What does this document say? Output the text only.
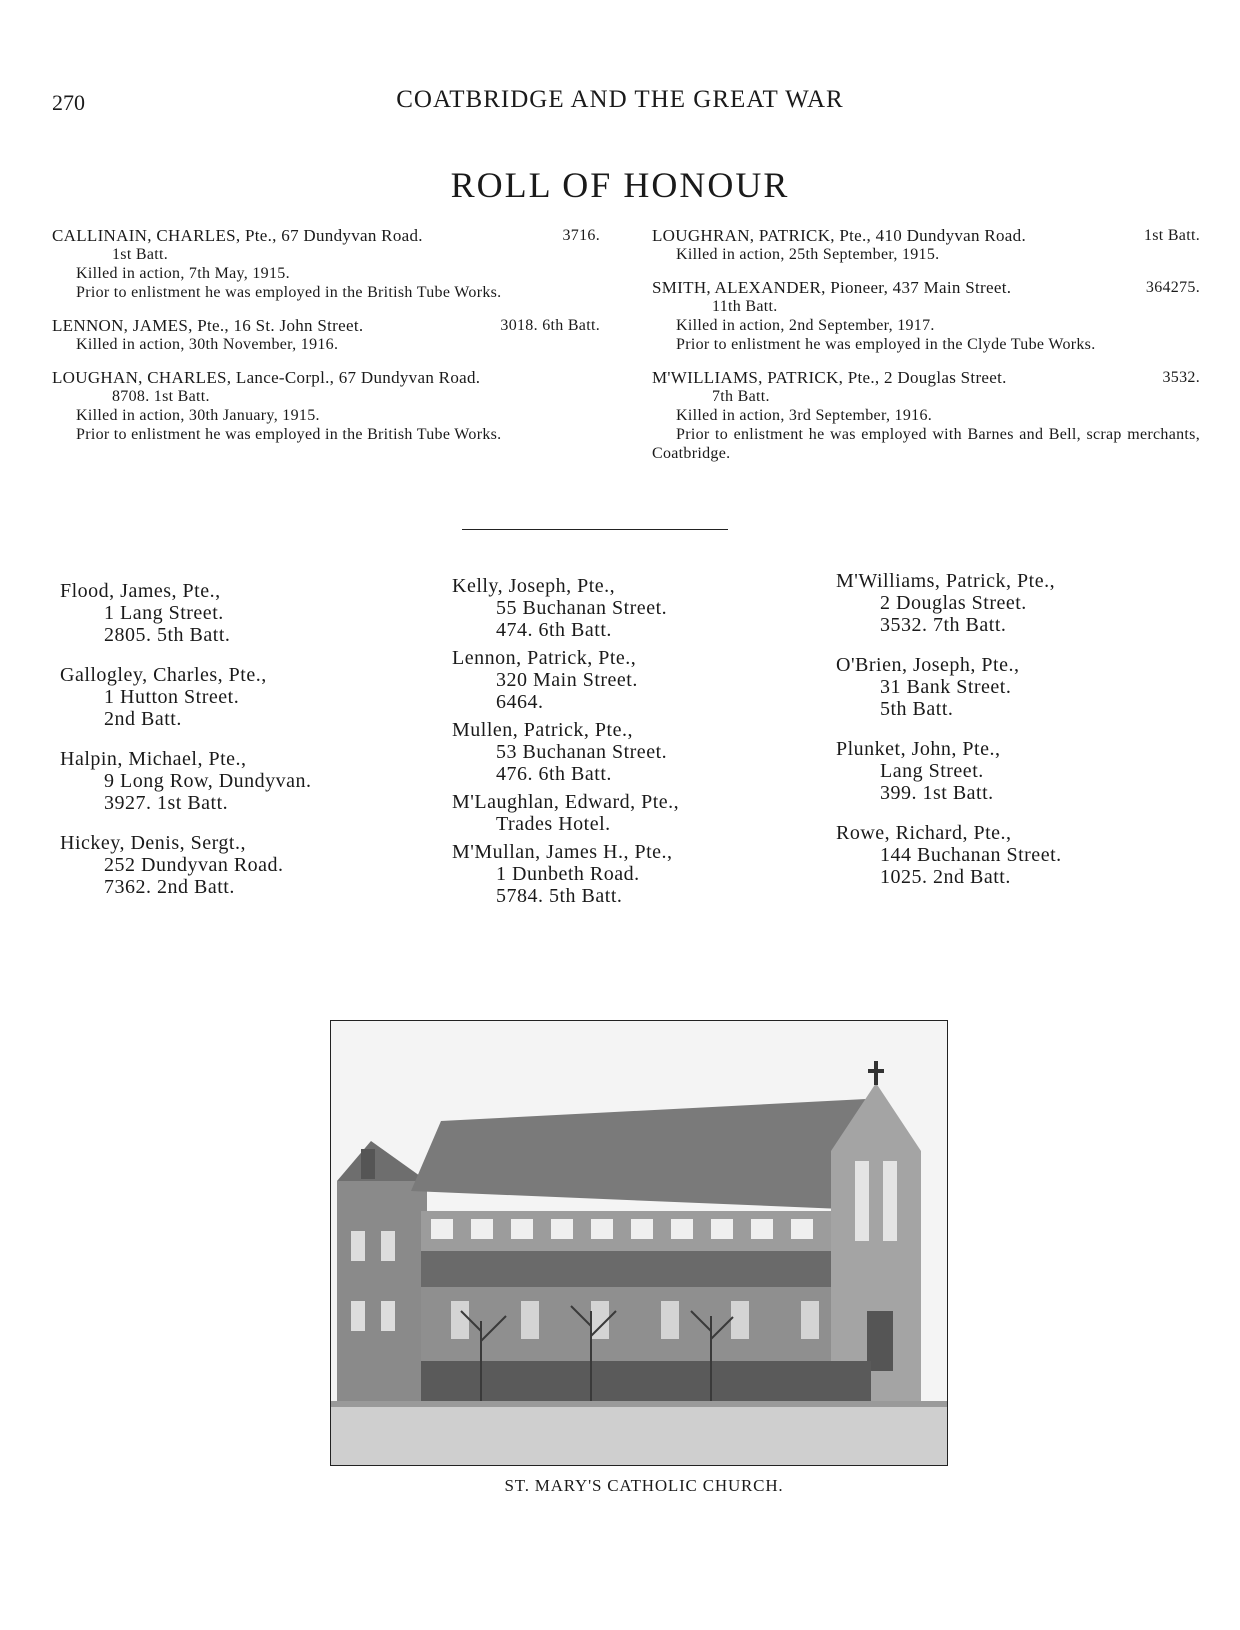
270	COATBRIDGE AND THE GREAT WAR
ROLL OF HONOUR
CALLINAIN, CHARLES, Pte., 67 Dundyvan Road.	3716.
1st Batt.
Killed in action, 7th May, 1915.
Prior to enlistment he was employed in the British Tube Works.
LENNON, JAMES, Pte., 16 St. John Street.	3018. 6th Batt.
Killed in action, 30th November, 1916.
LOUGHAN, CHARLES, Lance-Corpl., 67 Dundyvan Road.
8708. 1st Batt.
Killed in action, 30th January, 1915.
Prior to enlistment he was employed in the British Tube Works.
LOUGHRAN, PATRICK, Pte., 410 Dundyvan Road.	1st Batt.
Killed in action, 25th September, 1915.
SMITH, ALEXANDER, Pioneer, 437 Main Street.	364275.
11th Batt.
Killed in action, 2nd September, 1917.
Prior to enlistment he was employed in the Clyde Tube Works.
M'WILLIAMS, PATRICK, Pte., 2 Douglas Street.	3532.
7th Batt.
Killed in action, 3rd September, 1916.
Prior to enlistment he was employed with Barnes and Bell, scrap merchants, Coatbridge.
Flood, James, Pte.,
1 Lang Street.
2805. 5th Batt.
Gallogley, Charles, Pte.,
1 Hutton Street.
2nd Batt.
Halpin, Michael, Pte.,
9 Long Row, Dundyvan.
3927. 1st Batt.
Hickey, Denis, Sergt.,
252 Dundyvan Road.
7362. 2nd Batt.
Kelly, Joseph, Pte.,
55 Buchanan Street.
474. 6th Batt.
Lennon, Patrick, Pte.,
320 Main Street.
6464.
Mullen, Patrick, Pte.,
53 Buchanan Street.
476. 6th Batt.
M'Laughlan, Edward, Pte.,
Trades Hotel.
M'Mullan, James H., Pte.,
1 Dunbeth Road.
5784. 5th Batt.
M'Williams, Patrick, Pte.,
2 Douglas Street.
3532. 7th Batt.
O'Brien, Joseph, Pte.,
31 Bank Street.
5th Batt.
Plunket, John, Pte.,
Lang Street.
399. 1st Batt.
Rowe, Richard, Pte.,
144 Buchanan Street.
1025. 2nd Batt.
ST. MARY'S CATHOLIC CHURCH.
